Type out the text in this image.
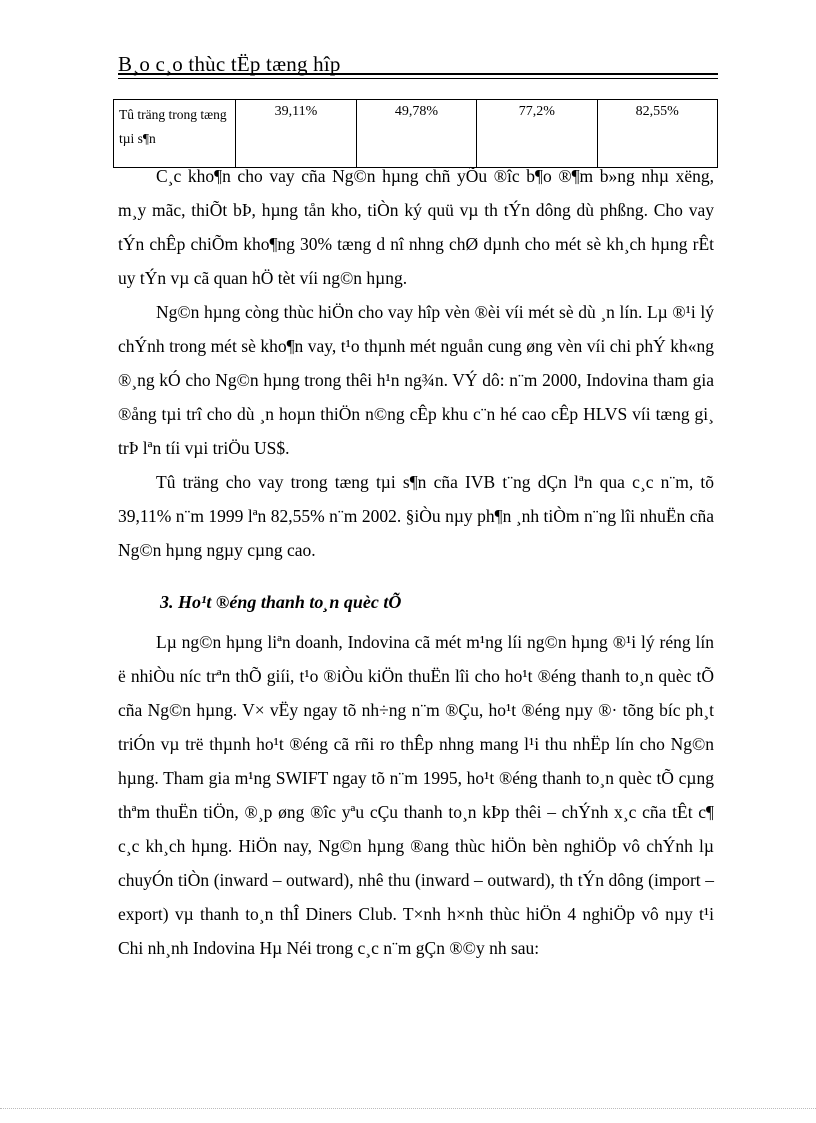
B¸o c¸o thùc tËp tæng hîp
Tû träng trong tæng tµi s¶n	39,11%	49,78%	77,2%	82,55%

C¸c kho¶n cho vay cña Ng©n hµng chñ yÕu ®îc b¶o ®¶m b»ng nhµ xëng, m¸y mãc, thiÕt bÞ, hµng tån kho, tiÒn ký quü vµ th tÝn dông dù phßng. Cho vay tÝn chÊp chiÕm kho¶ng 30% tæng d nî nhng chØ dµnh cho mét sè kh¸ch hµng rÊt uy tÝn vµ cã quan hÖ tèt víi ng©n hµng.

Ng©n hµng còng thùc hiÖn cho vay hîp vèn ®èi víi mét sè dù ¸n lín. Lµ ®¹i lý chÝnh trong mét sè kho¶n vay, t¹o thµnh mét nguån cung øng vèn víi chi phÝ kh«ng ®¸ng kÓ cho Ng©n hµng trong thêi h¹n ng¾n. VÝ dô: n¨m 2000, Indovina tham gia ®ång tµi trî cho dù ¸n hoµn thiÖn n©ng cÊp khu c¨n hé cao cÊp HLVS víi tæng gi¸ trÞ lªn tíi vµi triÖu US$.

Tû träng cho vay trong tæng tµi s¶n cña IVB t¨ng dÇn lªn qua c¸c n¨m, tõ 39,11% n¨m 1999 lªn 82,55% n¨m 2002. §iÒu nµy ph¶n ¸nh tiÒm n¨ng lîi nhuËn cña Ng©n hµng ngµy cµng cao.

3. Ho¹t ®éng thanh to¸n quèc tÕ

Lµ ng©n hµng liªn doanh, Indovina cã mét m¹ng líi ng©n hµng ®¹i lý réng lín ë nhiÒu níc trªn thÕ giíi, t¹o ®iÒu kiÖn thuËn lîi cho ho¹t ®éng thanh to¸n quèc tÕ cña Ng©n hµng. V× vËy ngay tõ nh÷ng n¨m ®Çu, ho¹t ®éng nµy ®· tõng bíc ph¸t triÓn vµ trë thµnh ho¹t ®éng cã rñi ro thÊp nhng mang l¹i thu nhËp lín cho Ng©n hµng. Tham gia m¹ng SWIFT ngay tõ n¨m 1995, ho¹t ®éng thanh to¸n quèc tÕ cµng thªm thuËn tiÖn, ®¸p øng ®îc yªu cÇu thanh to¸n kÞp thêi – chÝnh x¸c cña tÊt c¶ c¸c kh¸ch hµng. HiÖn nay, Ng©n hµng ®ang thùc hiÖn bèn nghiÖp vô chÝnh lµ chuyÓn tiÒn (inward – outward), nhê thu (inward – outward), th tÝn dông (import – export) vµ thanh to¸n thÎ Diners Club. T×nh h×nh thùc hiÖn 4 nghiÖp vô nµy t¹i Chi nh¸nh Indovina Hµ Néi trong c¸c n¨m gÇn ®©y nh sau:
